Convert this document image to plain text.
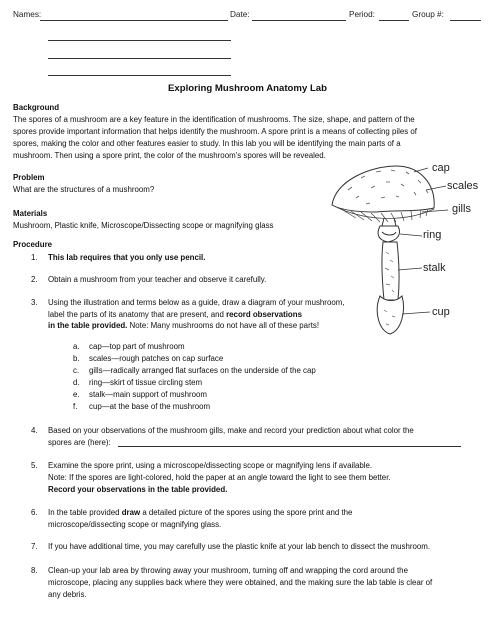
Names:	Date:	Period:	Group #:
Exploring Mushroom Anatomy Lab
Background
The spores of a mushroom are a key feature in the identification of mushrooms. The size, shape, and pattern of the
spores provide important information that helps identify the mushroom. A spore print is a means of collecting piles of
spores, making the color and other features easier to study. In this lab you will be identifying the main parts of a
mushroom. Then using a spore print, the color of the mushroom’s spores will be revealed.
Problem
What are the structures of a mushroom?
Materials
Mushroom, Plastic knife, Microscope/Dissecting scope or magnifying glass
Procedure
1. This lab requires that you only use pencil.
2. Obtain a mushroom from your teacher and observe it carefully.
3. Using the illustration and terms below as a guide, draw a diagram of your mushroom,
label the parts of its anatomy that are present, and record observations
in the table provided. Note: Many mushrooms do not have all of these parts!
a. cap—top part of mushroom
b. scales—rough patches on cap surface
c. gills—radically arranged flat surfaces on the underside of the cap
d. ring—skirt of tissue circling stem
e. stalk—main support of mushroom
f. cup—at the base of the mushroom
4. Based on your observations of the mushroom gills, make and record your prediction about what color the
spores are (here):
5. Examine the spore print, using a microscope/dissecting scope or magnifying lens if available.
Note: If the spores are light-colored, hold the paper at an angle toward the light to see them better.
Record your observations in the table provided.
6. In the table provided draw a detailed picture of the spores using the spore print and the
microscope/dissecting scope or magnifying glass.
7. If you have additional time, you may carefully use the plastic knife at your lab bench to dissect the mushroom.
8. Clean-up your lab area by throwing away your mushroom, turning off and wrapping the cord around the
microscope, placing any supplies back where they were obtained, and the making sure the lab table is clear of
any debris.
cap
scales
gills
ring
stalk
cup
